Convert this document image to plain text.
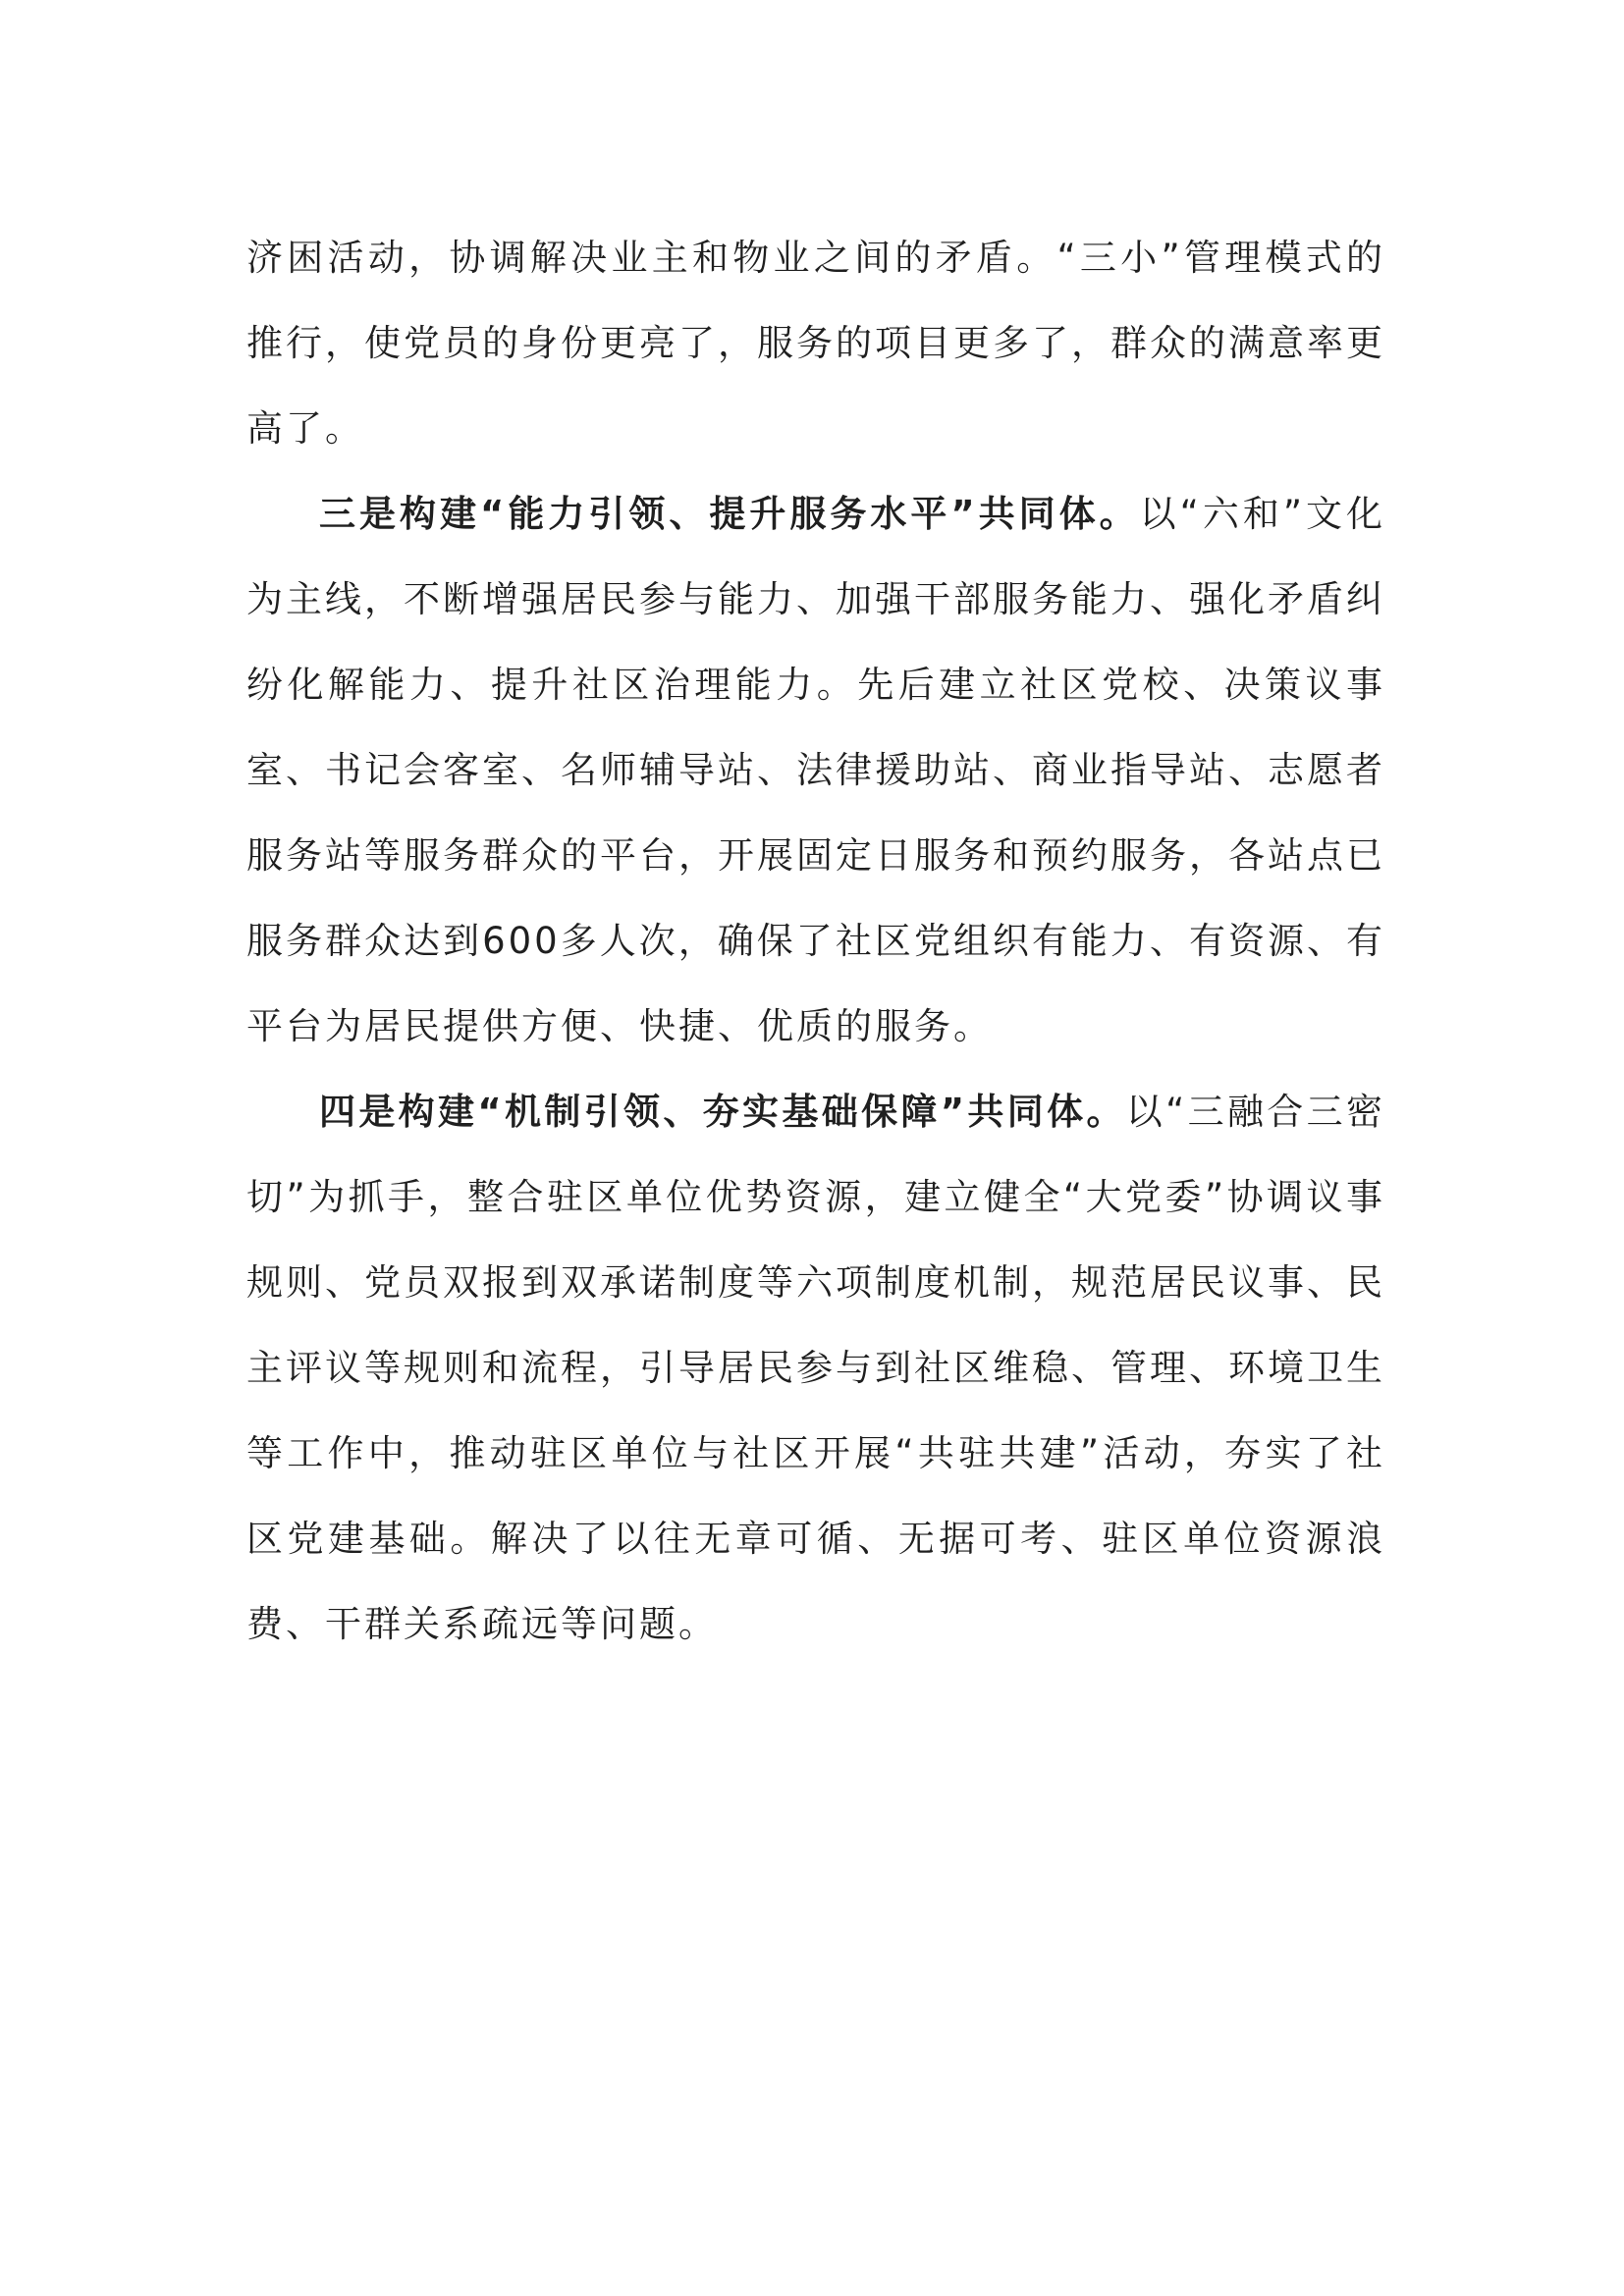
济困活动，协调解决业主和物业之间的矛盾。“三小”管理模式的推行，使党员的身份更亮了，服务的项目更多了，群众的满意率更高了。

三是构建“能力引领、提升服务水平”共同体。以“六和”文化为主线，不断增强居民参与能力、加强干部服务能力、强化矛盾纠纷化解能力、提升社区治理能力。先后建立社区党校、决策议事室、书记会客室、名师辅导站、法律援助站、商业指导站、志愿者服务站等服务群众的平台，开展固定日服务和预约服务，各站点已服务群众达到600多人次，确保了社区党组织有能力、有资源、有平台为居民提供方便、快捷、优质的服务。

四是构建“机制引领、夯实基础保障”共同体。以“三融合三密切”为抓手，整合驻区单位优势资源，建立健全“大党委”协调议事规则、党员双报到双承诺制度等六项制度机制，规范居民议事、民主评议等规则和流程，引导居民参与到社区维稳、管理、环境卫生等工作中，推动驻区单位与社区开展“共驻共建”活动，夯实了社区党建基础。解决了以往无章可循、无据可考、驻区单位资源浪费、干群关系疏远等问题。
